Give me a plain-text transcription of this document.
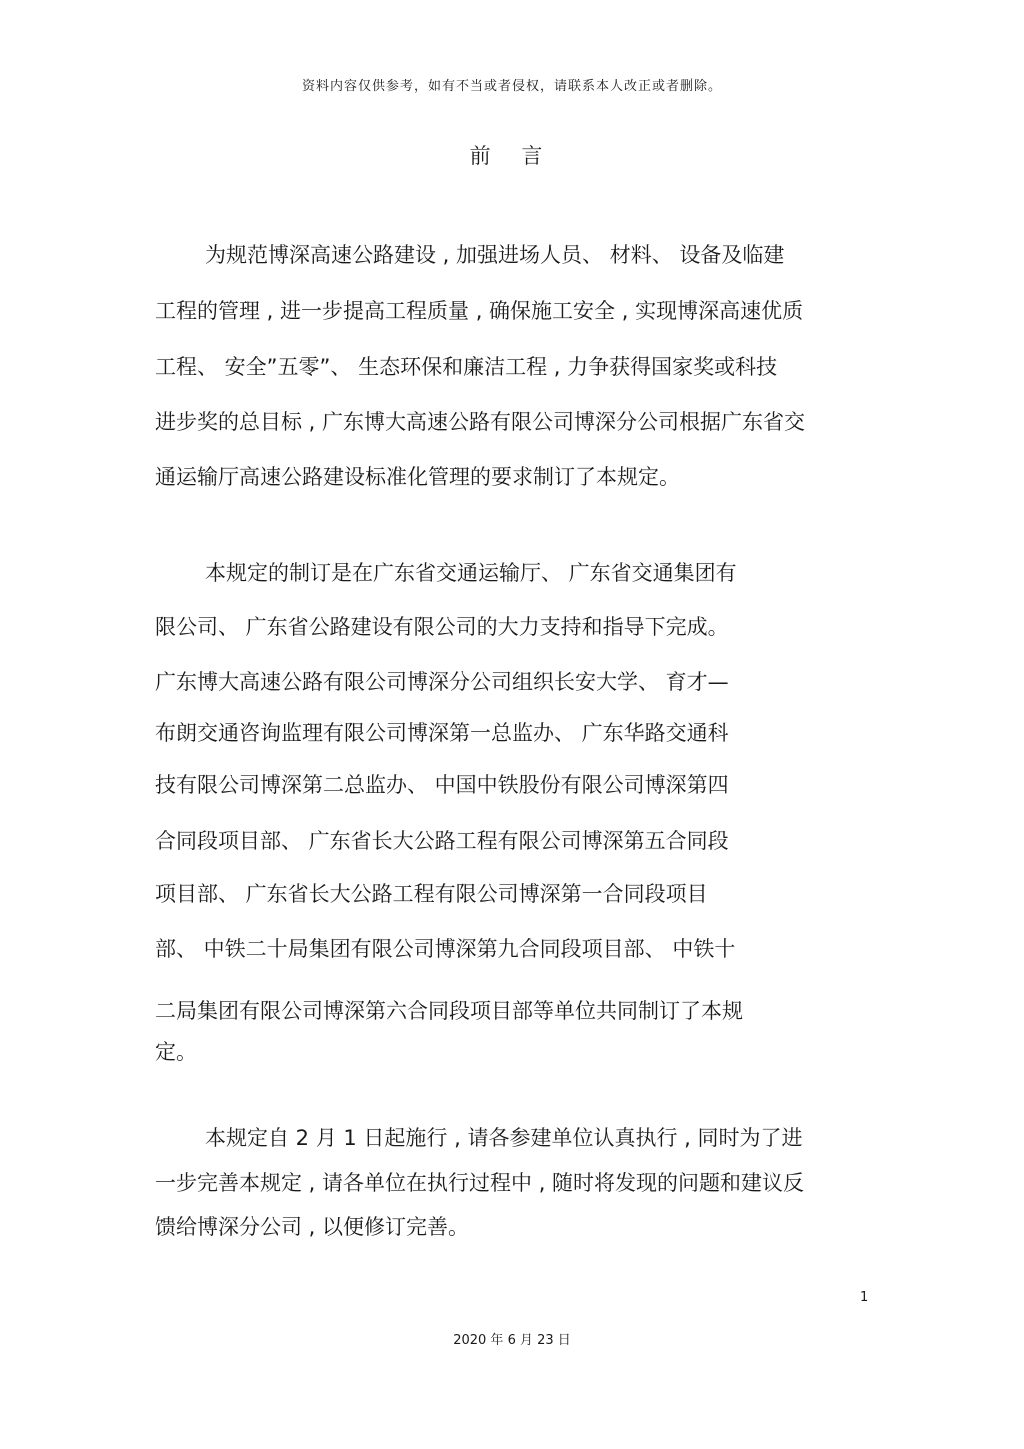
资料内容仅供参考，如有不当或者侵权，请联系本人改正或者删除。
前 言
为规范博深高速公路建设 , 加强进场人员、 材料、 设备及临建
工程的管理 , 进一步提高工程质量 , 确保施工安全 , 实现博深高速优质
工程、 安全”五零”、 生态环保和廉洁工程 , 力争获得国家奖或科技
进步奖的总目标 , 广东博大高速公路有限公司博深分公司根据广东省交
通运输厅高速公路建设标准化管理的要求制订了本规定。
本规定的制订是在广东省交通运输厅、 广东省交通集团有
限公司、 广东省公路建设有限公司的大力支持和指导下完成。
广东博大高速公路有限公司博深分公司组织长安大学、 育才—
布朗交通咨询监理有限公司博深第一总监办、 广东华路交通科
技有限公司博深第二总监办、 中国中铁股份有限公司博深第四
合同段项目部、 广东省长大公路工程有限公司博深第五合同段
项目部、 广东省长大公路工程有限公司博深第一合同段项目
部、 中铁二十局集团有限公司博深第九合同段项目部、 中铁十
二局集团有限公司博深第六合同段项目部等单位共同制订了本规
定。
本规定自 2 月 1 日起施行 , 请各参建单位认真执行 , 同时为了进
一步完善本规定 , 请各单位在执行过程中 , 随时将发现的问题和建议反
馈给博深分公司 , 以便修订完善。
1
2020 年 6 月 23 日
